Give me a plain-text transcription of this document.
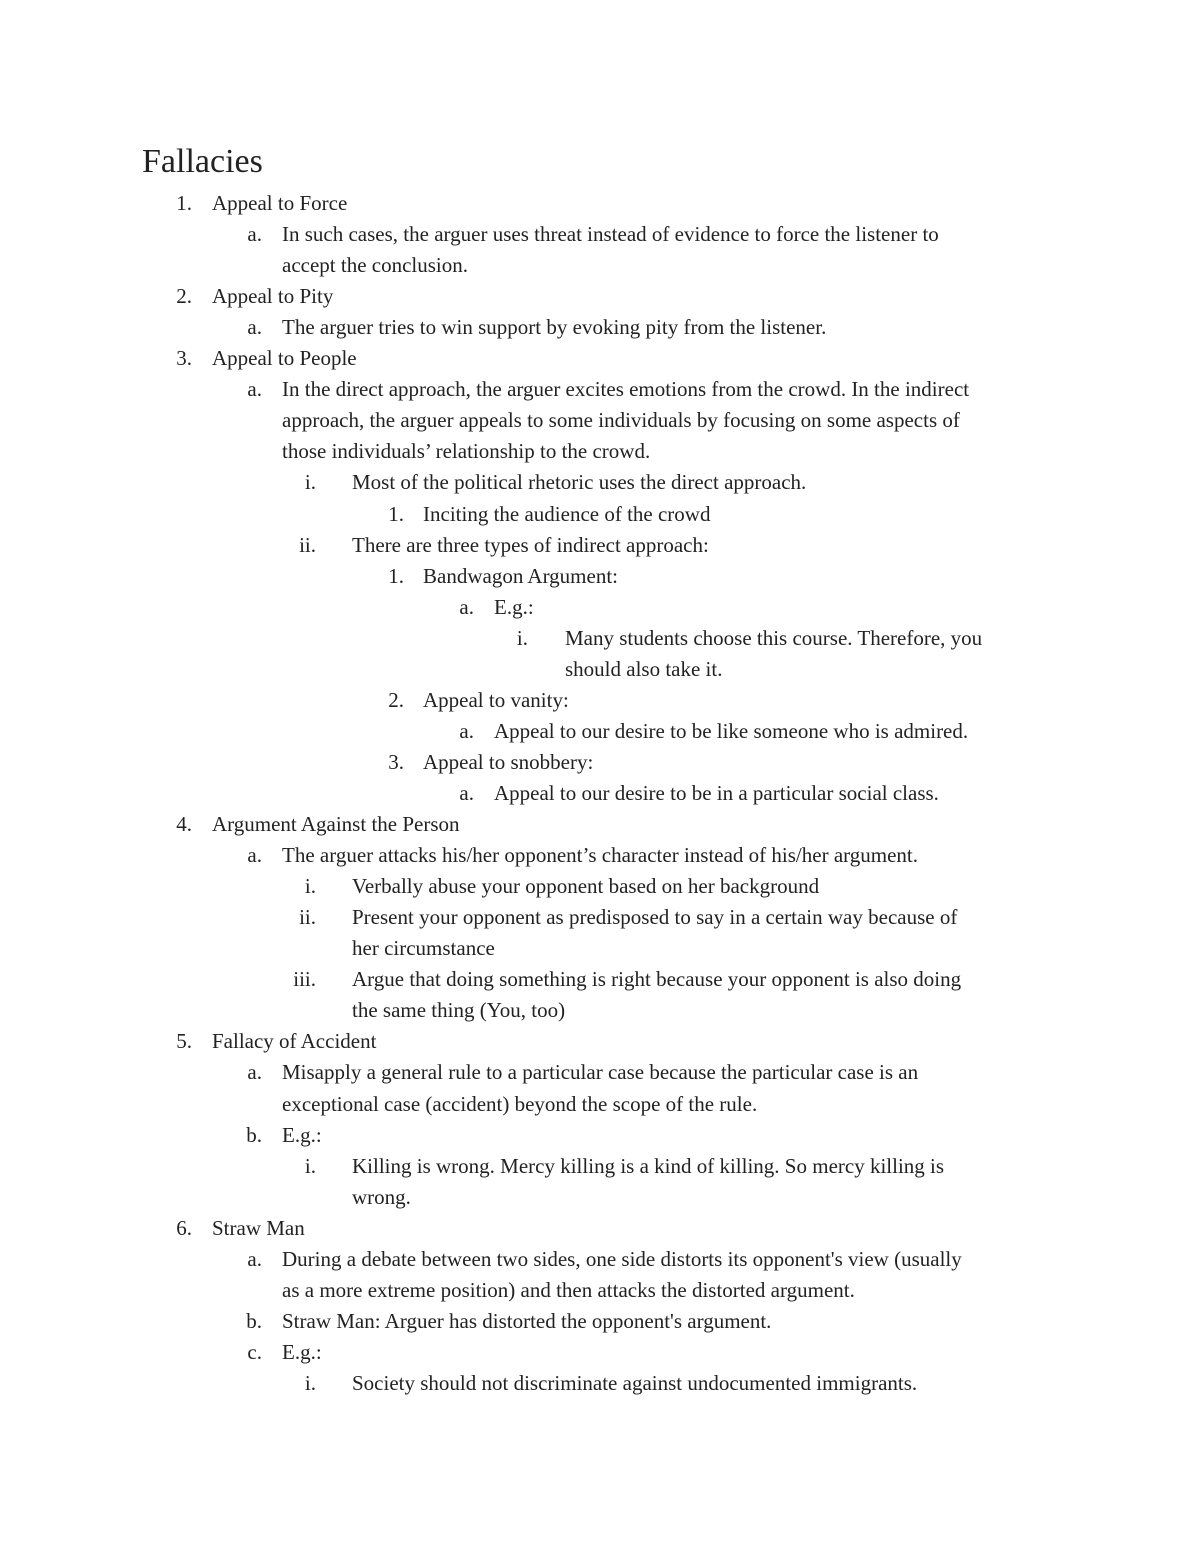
Fallacies
1. Appeal to Force
a. In such cases, the arguer uses threat instead of evidence to force the listener to
accept the conclusion.
2. Appeal to Pity
a. The arguer tries to win support by evoking pity from the listener.
3. Appeal to People
a. In the direct approach, the arguer excites emotions from the crowd. In the indirect
approach, the arguer appeals to some individuals by focusing on some aspects of
those individuals’ relationship to the crowd.
i. Most of the political rhetoric uses the direct approach.
1. Inciting the audience of the crowd
ii. There are three types of indirect approach:
1. Bandwagon Argument:
a. E.g.:
i. Many students choose this course. Therefore, you
should also take it.
2. Appeal to vanity:
a. Appeal to our desire to be like someone who is admired.
3. Appeal to snobbery:
a. Appeal to our desire to be in a particular social class.
4. Argument Against the Person
a. The arguer attacks his/her opponent’s character instead of his/her argument.
i. Verbally abuse your opponent based on her background
ii. Present your opponent as predisposed to say in a certain way because of
her circumstance
iii. Argue that doing something is right because your opponent is also doing
the same thing (You, too)
5. Fallacy of Accident
a. Misapply a general rule to a particular case because the particular case is an
exceptional case (accident) beyond the scope of the rule.
b. E.g.:
i. Killing is wrong. Mercy killing is a kind of killing. So mercy killing is
wrong.
6. Straw Man
a. During a debate between two sides, one side distorts its opponent's view (usually
as a more extreme position) and then attacks the distorted argument.
b. Straw Man: Arguer has distorted the opponent's argument.
c. E.g.:
i. Society should not discriminate against undocumented immigrants.
